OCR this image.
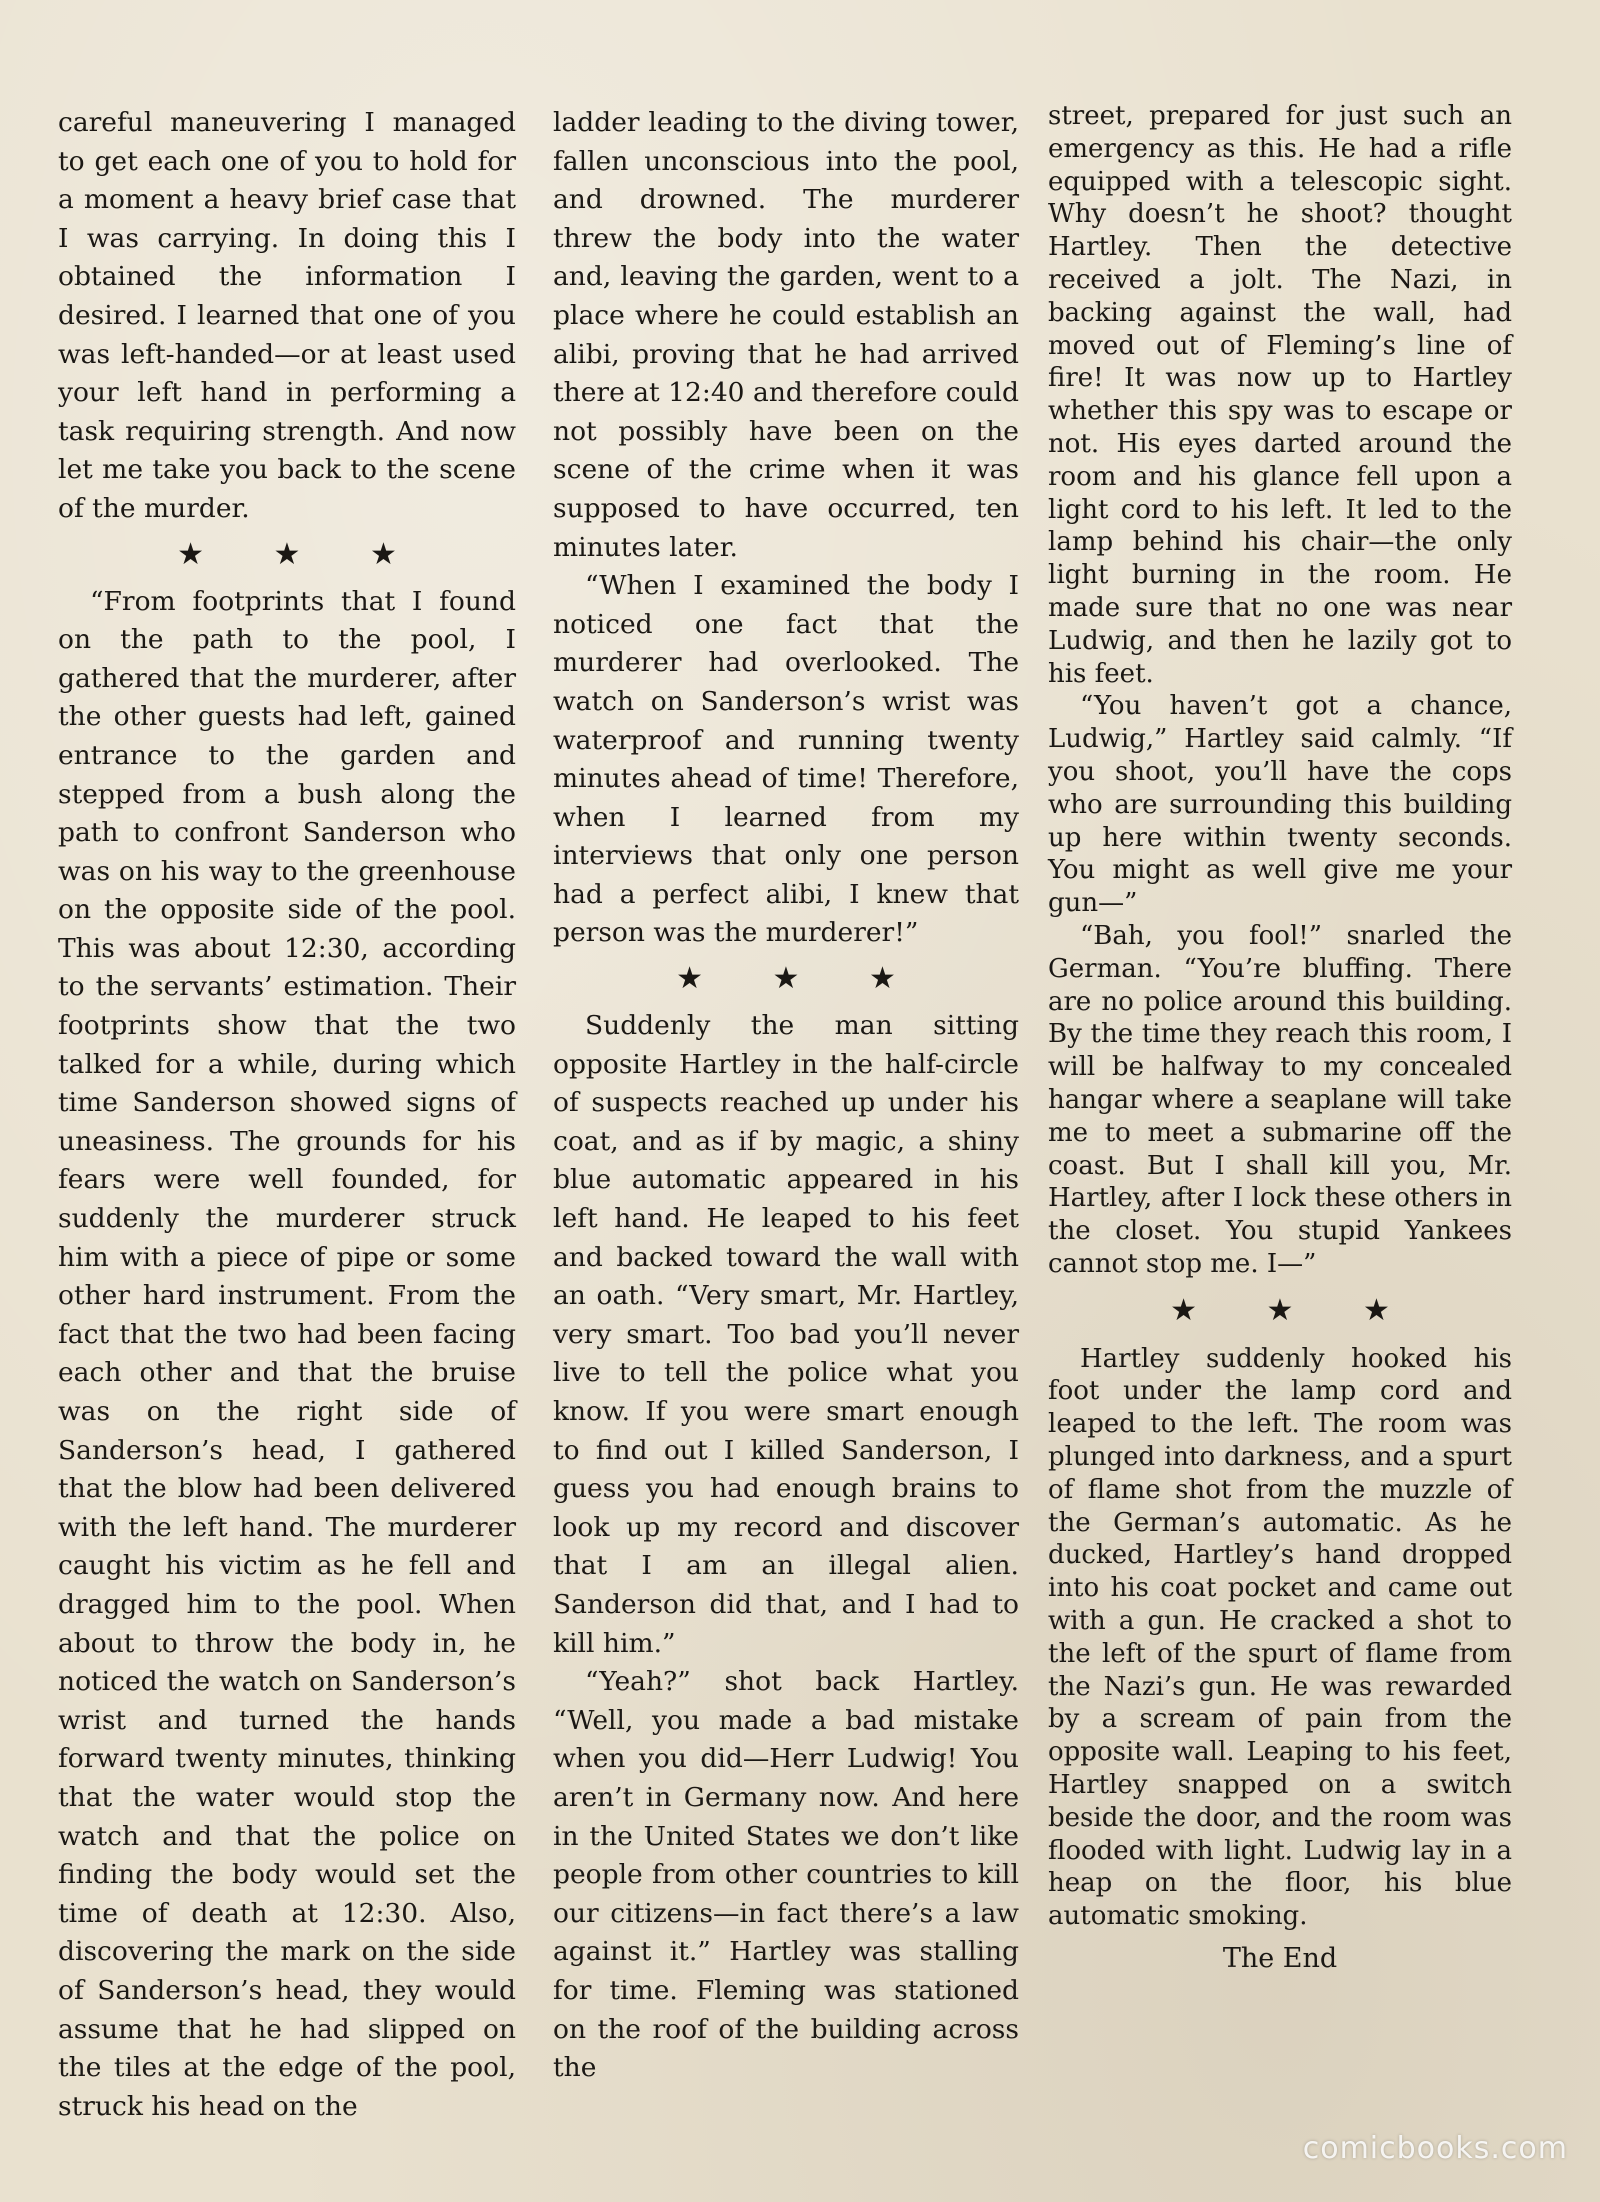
careful maneuvering I managed to get each one of you to hold for a moment a heavy brief case that I was carrying. In doing this I obtained the information I desired. I learned that one of you was left-handed—or at least used your left hand in performing a task requiring strength. And now let me take you back to the scene of the murder.

★ ★ ★

“From footprints that I found on the path to the pool, I gathered that the murderer, after the other guests had left, gained entrance to the garden and stepped from a bush along the path to confront Sanderson who was on his way to the greenhouse on the opposite side of the pool. This was about 12:30, according to the servants’ estimation. Their footprints show that the two talked for a while, during which time Sanderson showed signs of uneasiness. The grounds for his fears were well founded, for suddenly the murderer struck him with a piece of pipe or some other hard instrument. From the fact that the two had been facing each other and that the bruise was on the right side of Sanderson’s head, I gathered that the blow had been delivered with the left hand. The murderer caught his victim as he fell and dragged him to the pool. When about to throw the body in, he noticed the watch on Sanderson’s wrist and turned the hands forward twenty minutes, thinking that the water would stop the watch and that the police on finding the body would set the time of death at 12:30. Also, discovering the mark on the side of Sanderson’s head, they would assume that he had slipped on the tiles at the edge of the pool, struck his head on the

ladder leading to the diving tower, fallen unconscious into the pool, and drowned. The murderer threw the body into the water and, leaving the garden, went to a place where he could establish an alibi, proving that he had arrived there at 12:40 and therefore could not possibly have been on the scene of the crime when it was supposed to have occurred, ten minutes later.

“When I examined the body I noticed one fact that the murderer had overlooked. The watch on Sanderson’s wrist was waterproof and running twenty minutes ahead of time! Therefore, when I learned from my interviews that only one person had a perfect alibi, I knew that person was the murderer!”

★ ★ ★

Suddenly the man sitting opposite Hartley in the half-circle of suspects reached up under his coat, and as if by magic, a shiny blue automatic appeared in his left hand. He leaped to his feet and backed toward the wall with an oath. “Very smart, Mr. Hartley, very smart. Too bad you’ll never live to tell the police what you know. If you were smart enough to find out I killed Sanderson, I guess you had enough brains to look up my record and discover that I am an illegal alien. Sanderson did that, and I had to kill him.”

“Yeah?” shot back Hartley. “Well, you made a bad mistake when you did—Herr Ludwig! You aren’t in Germany now. And here in the United States we don’t like people from other countries to kill our citizens—in fact there’s a law against it.” Hartley was stalling for time. Fleming was stationed on the roof of the building across the

street, prepared for just such an emergency as this. He had a rifle equipped with a telescopic sight. Why doesn’t he shoot? thought Hartley. Then the detective received a jolt. The Nazi, in backing against the wall, had moved out of Fleming’s line of fire! It was now up to Hartley whether this spy was to escape or not. His eyes darted around the room and his glance fell upon a light cord to his left. It led to the lamp behind his chair—the only light burning in the room. He made sure that no one was near Ludwig, and then he lazily got to his feet.

“You haven’t got a chance, Ludwig,” Hartley said calmly. “If you shoot, you’ll have the cops who are surrounding this building up here within twenty seconds. You might as well give me your gun—”

“Bah, you fool!” snarled the German. “You’re bluffing. There are no police around this building. By the time they reach this room, I will be halfway to my concealed hangar where a seaplane will take me to meet a submarine off the coast. But I shall kill you, Mr. Hartley, after I lock these others in the closet. You stupid Yankees cannot stop me. I—”

★ ★ ★

Hartley suddenly hooked his foot under the lamp cord and leaped to the left. The room was plunged into darkness, and a spurt of flame shot from the muzzle of the German’s automatic. As he ducked, Hartley’s hand dropped into his coat pocket and came out with a gun. He cracked a shot to the left of the spurt of flame from the Nazi’s gun. He was rewarded by a scream of pain from the opposite wall. Leaping to his feet, Hartley snapped on a switch beside the door, and the room was flooded with light. Ludwig lay in a heap on the floor, his blue automatic smoking.

The End
comicbooks.com
